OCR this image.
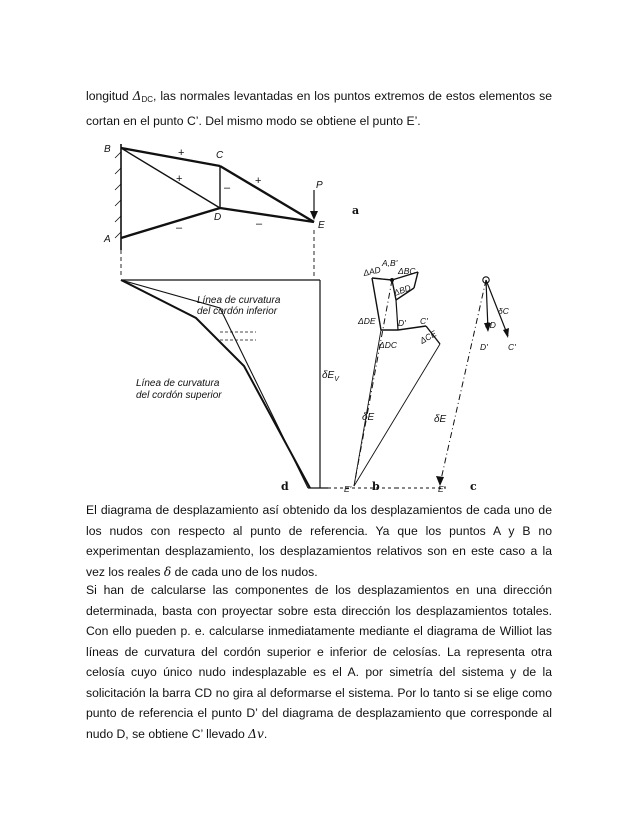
longitud $\Delta_{DC}$, las normales levantadas en los puntos extremos de estos elementos se cortan en el punto C’. Del mismo modo se obtiene el punto E’.

B
A
C
D
E
P
+
+
–
+
–	–
a
Línea de curvatura
del cordón inferior
Línea de curvatura
del cordón superior
$\delta E_V$
d
A,B'
ΔAD ΔBC
ΔBD
ΔDE	D'
ΔDC
C'
ΔCE
δE
E' b
δC
δD
D' C'
δE
E' c

El diagrama de desplazamiento así obtenido da los desplazamientos de cada uno de los nudos con respecto al punto de referencia. Ya que los puntos A y B no experimentan desplazamiento, los desplazamientos relativos son en este caso a la vez los reales δ de cada uno de los nudos.

Si han de calcularse las componentes de los desplazamientos en una dirección determinada, basta con proyectar sobre esta dirección los desplazamientos totales. Con ello pueden p. e. calcularse inmediatamente mediante el diagrama de Williot las líneas de curvatura del cordón superior e inferior de celosías. La representa otra celosía cuyo único nudo indesplazable es el A. por simetría del sistema y de la solicitación la barra CD no gira al deformarse el sistema. Por lo tanto si se elige como punto de referencia el punto D’ del diagrama de desplazamiento que corresponde al nudo D, se obtiene C’ llevado Δ𝑣.
